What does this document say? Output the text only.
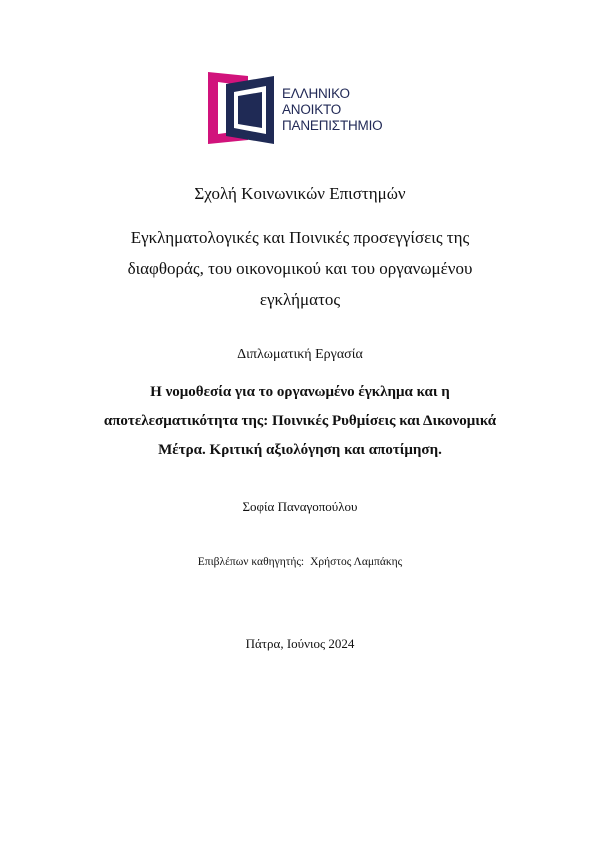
ΕΛΛΗΝΙΚΟ
ΑΝΟΙΚΤΟ
ΠΑΝΕΠΙΣΤΗΜΙΟ
Σχολή Κοινωνικών Επιστημών
Εγκληματολογικές και Ποινικές προσεγγίσεις της
διαφθοράς, του οικονομικού και του οργανωμένου
εγκλήματος
Διπλωματική Εργασία
Η νομοθεσία για το οργανωμένο έγκλημα και η
αποτελεσματικότητα της: Ποινικές Ρυθμίσεις και Δικονομικά
Μέτρα. Κριτική αξιολόγηση και αποτίμηση.
Σοφία Παναγοπούλου
Επιβλέπων καθηγητής: Χρήστος Λαμπάκης
Πάτρα, Ιούνιος 2024
